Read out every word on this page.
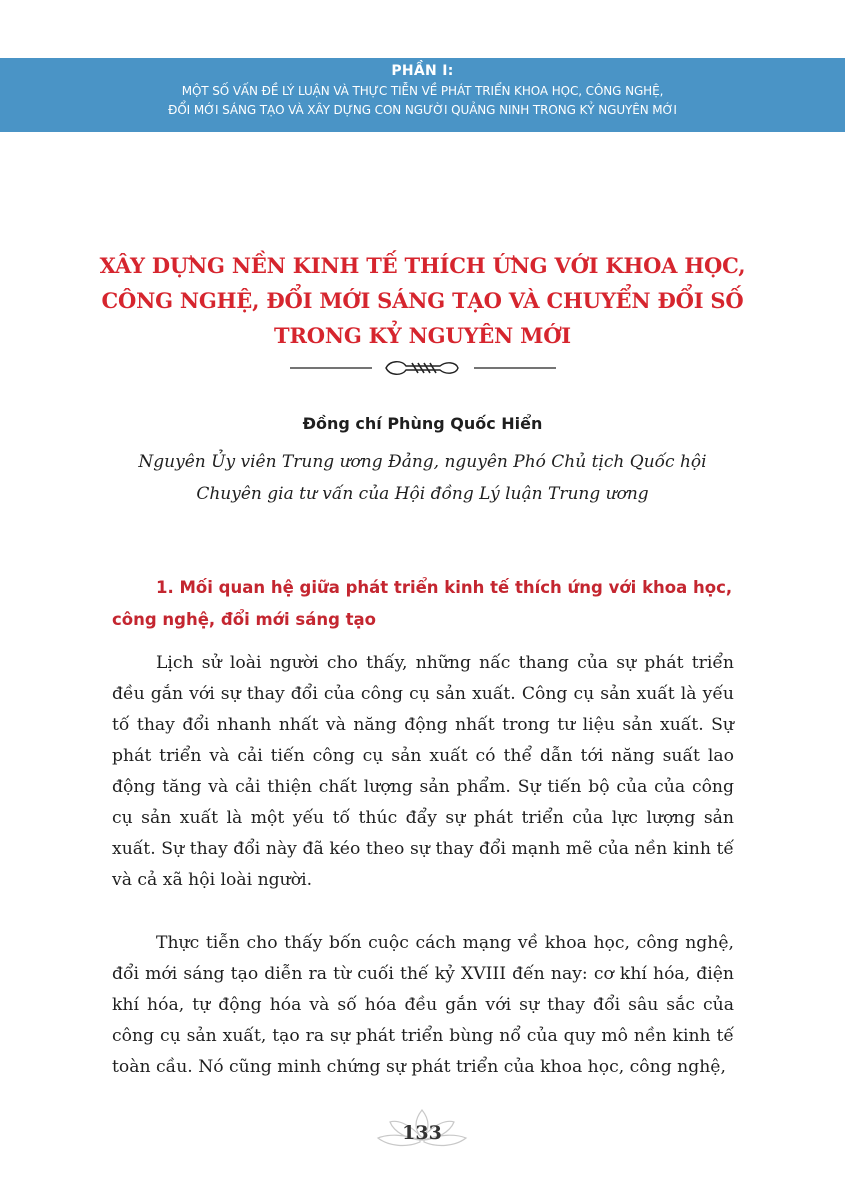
PHẦN I:
MỘT SỐ VẤN ĐỀ LÝ LUẬN VÀ THỰC TIỄN VỀ PHÁT TRIỂN KHOA HỌC, CÔNG NGHỆ,
ĐỔI MỚI SÁNG TẠO VÀ XÂY DỰNG CON NGƯỜI QUẢNG NINH TRONG KỶ NGUYÊN MỚI
XÂY DỰNG NỀN KINH TẾ THÍCH ỨNG VỚI KHOA HỌC,
CÔNG NGHỆ, ĐỔI MỚI SÁNG TẠO VÀ CHUYỂN ĐỔI SỐ
TRONG KỶ NGUYÊN MỚI
Đồng chí Phùng Quốc Hiển
Nguyên Ủy viên Trung ương Đảng, nguyên Phó Chủ tịch Quốc hội
Chuyên gia tư vấn của Hội đồng Lý luận Trung ương
1. Mối quan hệ giữa phát triển kinh tế thích ứng với khoa học, công nghệ, đổi mới sáng tạo

Lịch sử loài người cho thấy, những nấc thang của sự phát triển đều gắn với sự thay đổi của công cụ sản xuất. Công cụ sản xuất là yếu tố thay đổi nhanh nhất và năng động nhất trong tư liệu sản xuất. Sự phát triển và cải tiến công cụ sản xuất có thể dẫn tới năng suất lao động tăng và cải thiện chất lượng sản phẩm. Sự tiến bộ của của công cụ sản xuất là một yếu tố thúc đẩy sự phát triển của lực lượng sản xuất. Sự thay đổi này đã kéo theo sự thay đổi mạnh mẽ của nền kinh tế và cả xã hội loài người.

Thực tiễn cho thấy bốn cuộc cách mạng về khoa học, công nghệ, đổi mới sáng tạo diễn ra từ cuối thế kỷ XVIII đến nay: cơ khí hóa, điện khí hóa, tự động hóa và số hóa đều gắn với sự thay đổi sâu sắc của công cụ sản xuất, tạo ra sự phát triển bùng nổ của quy mô nền kinh tế toàn cầu. Nó cũng minh chứng sự phát triển của khoa học, công nghệ,

133
